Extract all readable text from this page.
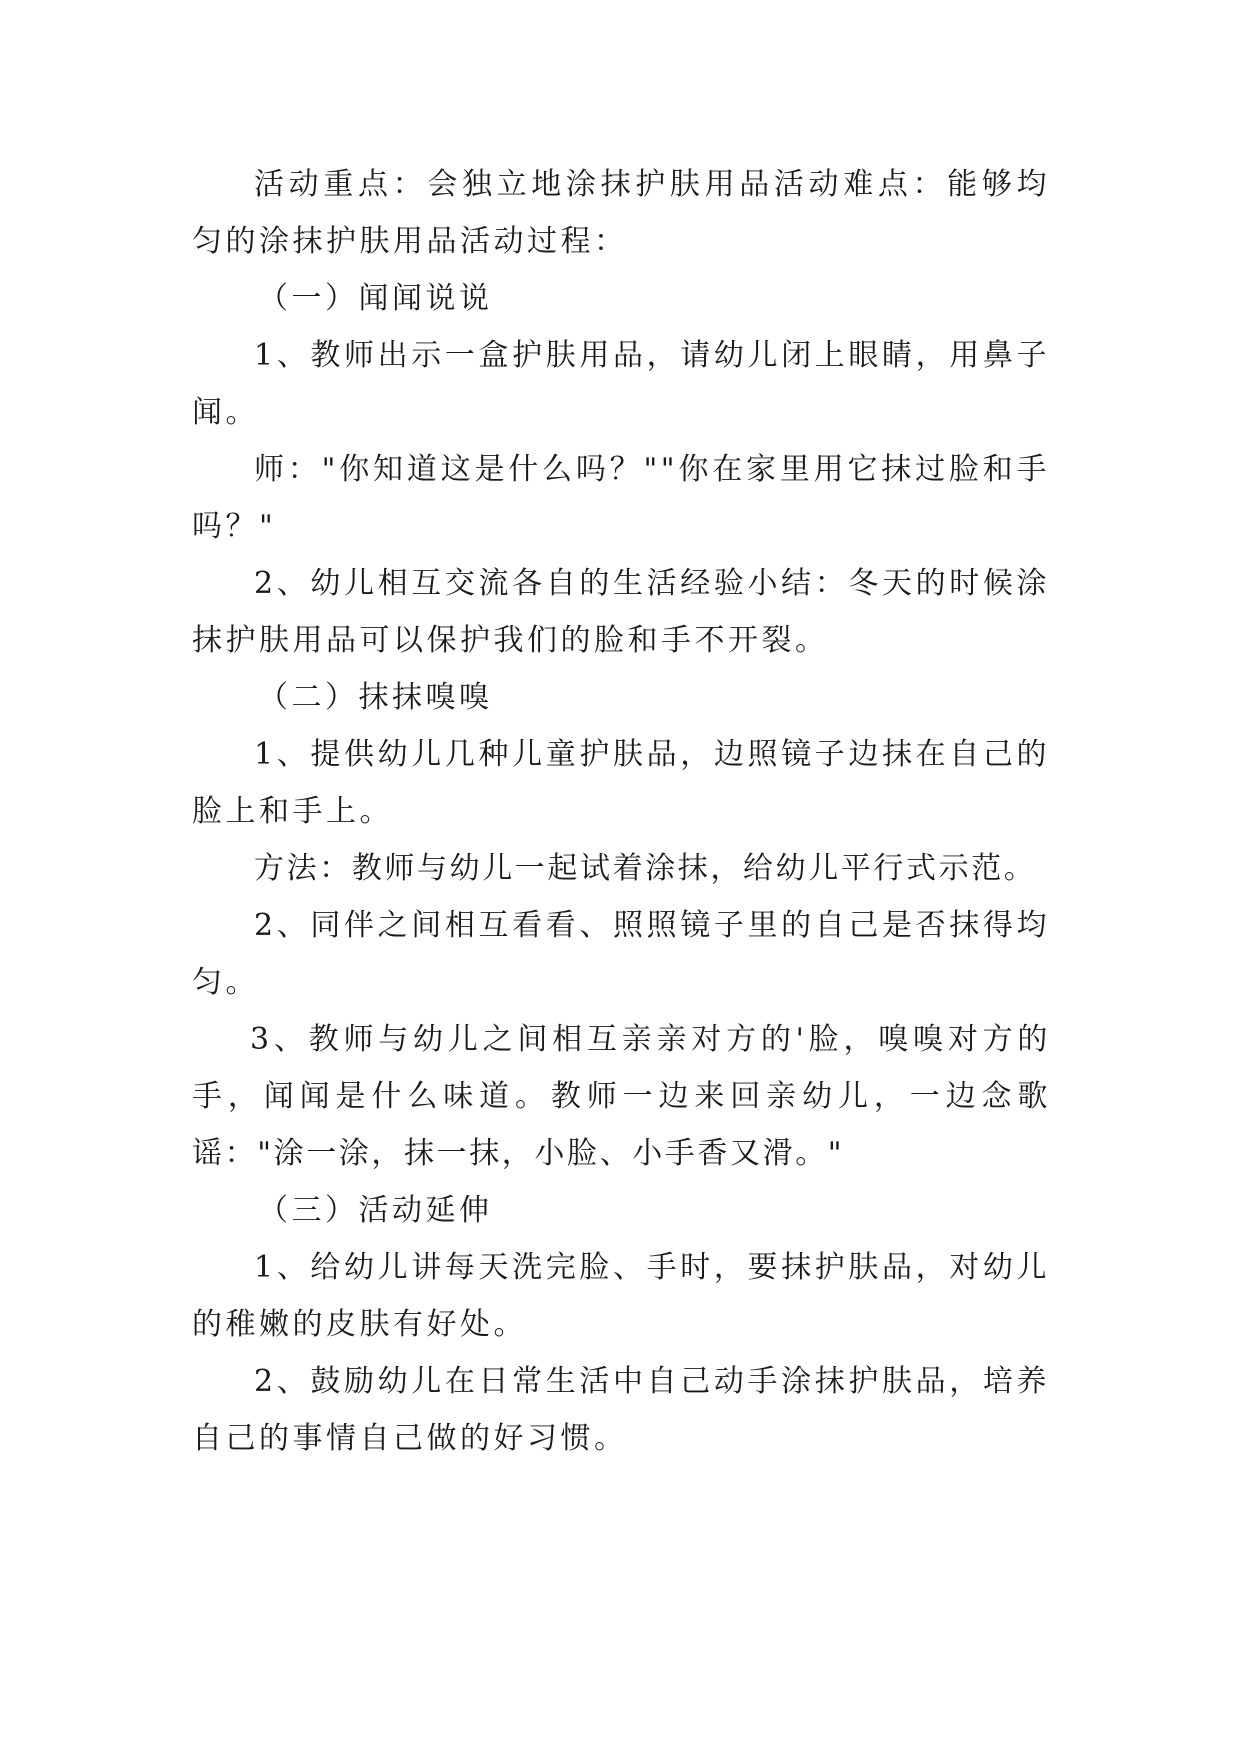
活动重点：会独立地涂抹护肤用品活动难点：能够均匀的涂抹护肤用品活动过程：

（一）闻闻说说

1、教师出示一盒护肤用品，请幼儿闭上眼睛，用鼻子闻。

师："你知道这是什么吗？""你在家里用它抹过脸和手吗？"

2、幼儿相互交流各自的生活经验小结：冬天的时候涂抹护肤用品可以保护我们的脸和手不开裂。

（二）抹抹嗅嗅

1、提供幼儿几种儿童护肤品，边照镜子边抹在自己的脸上和手上。

方法：教师与幼儿一起试着涂抹，给幼儿平行式示范。

2、同伴之间相互看看、照照镜子里的自己是否抹得均匀。

3、教师与幼儿之间相互亲亲对方的'脸，嗅嗅对方的手，闻闻是什么味道。教师一边来回亲幼儿，一边念歌谣："涂一涂，抹一抹，小脸、小手香又滑。"

（三）活动延伸

1、给幼儿讲每天洗完脸、手时，要抹护肤品，对幼儿的稚嫩的皮肤有好处。

2、鼓励幼儿在日常生活中自己动手涂抹护肤品，培养自己的事情自己做的好习惯。
